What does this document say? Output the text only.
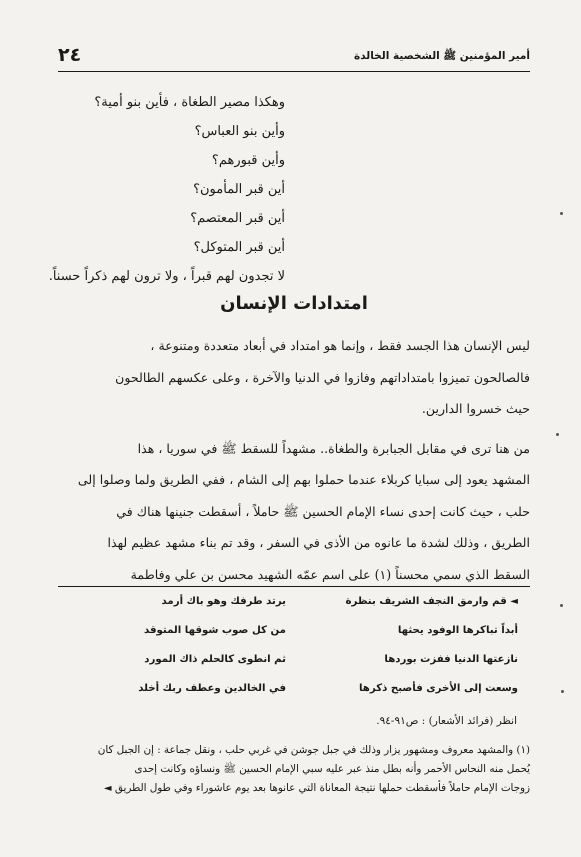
٢٤	أمير المؤمنين ﷺ الشخصية الخالدة
وهكذا مصير الطغاة ، فأين بنو أمية؟
وأين بنو العباس؟
وأين قبورهم؟
أين قبر المأمون؟
أين قبر المعتصم؟
أين قبر المتوكل؟
لا تجدون لهم قبراً ، ولا ترون لهم ذكراً حسناً.
امتدادات الإنسان
ليس الإنسان هذا الجسد فقط ، وإنما هو امتداد في أبعاد متعددة ومتنوعة ،
فالصالحون تميزوا بامتداداتهم وفازوا في الدنيا والآخرة ، وعلى عكسهم الطالحون
حيث خسروا الدارين.
من هنا ترى في مقابل الجبابرة والطغاة.. مشهداً للسقط ﷺ في سوريا ، هذا
المشهد يعود إلى سبايا كربلاء عندما حملوا بهم إلى الشام ، ففي الطريق ولما وصلوا إلى
حلب ، حيث كانت إحدى نساء الإمام الحسين ﷺ حاملاً ، أسقطت جنينها هناك في
الطريق ، وذلك لشدة ما عانوه من الأذى في السفر ، وقد تم بناء مشهد عظيم لهذا
السقط الذي سمي محسناً (١) على اسم عمّه الشهيد محسن بن علي وفاطمة
◄ قم وارمق النجف الشريف بنظرة
يرتد طرفك وهو باك أرمد
أبداً تباكرها الوفود يحثها
من كل صوب شوقها المتوقد
نازعتها الدنيا ففزت بوردها
ثم انطوى كالحلم ذاك المورد
وسعت إلى الأخرى فأصبح ذكرها
في الخالدين وعطف ربك أخلد
انظر (فرائد الأشعار) : ص٩١-٩٤.
(١) والمشهد معروف ومشهور يزار وذلك في جبل جوشن في غربي حلب ، ونقل جماعة : إن الجبل كان
يُحمل منه النحاس الأحمر وأنه بطل منذ عبر عليه سبي الإمام الحسين ﷺ ونساؤه وكانت إحدى
زوجات الإمام حاملاً فأسقطت حملها نتيجة المعاناة التي عانوها بعد يوم عاشوراء وفي طول الطريق ◄
